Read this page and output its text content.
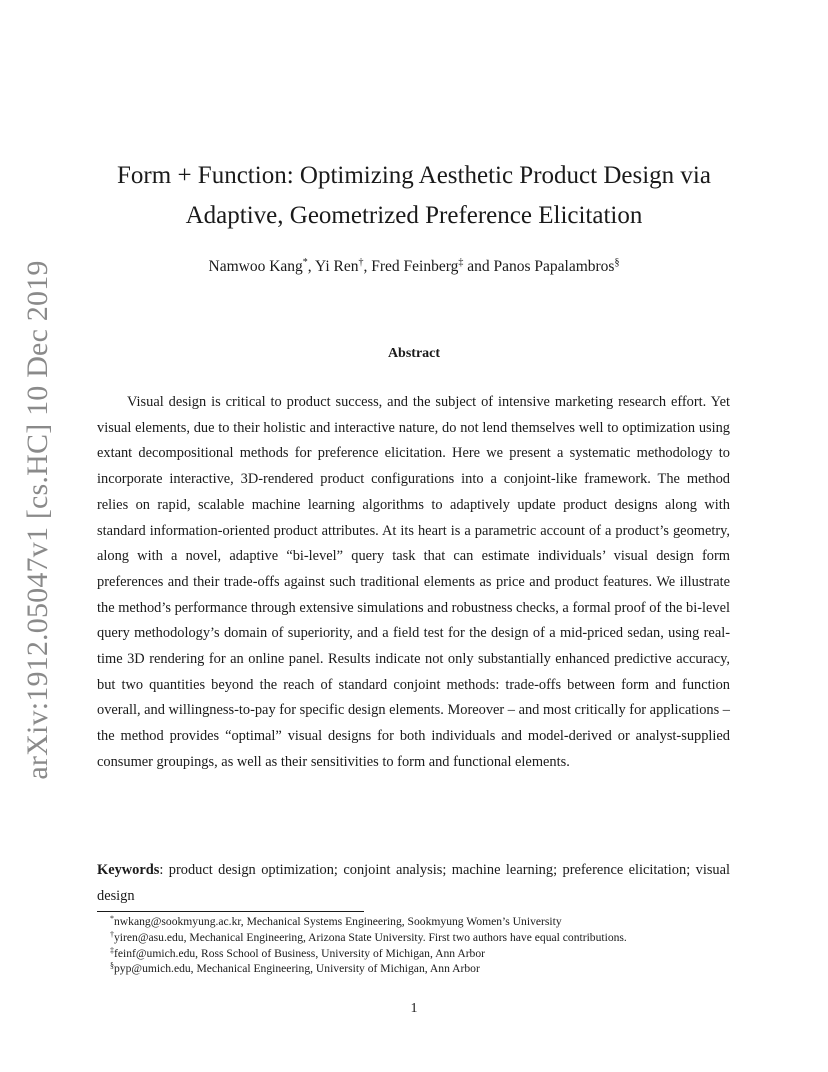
arXiv:1912.05047v1 [cs.HC] 10 Dec 2019
Form + Function: Optimizing Aesthetic Product Design via
Adaptive, Geometrized Preference Elicitation
Namwoo Kang*, Yi Ren†, Fred Feinberg‡ and Panos Papalambros§
Abstract

Visual design is critical to product success, and the subject of intensive marketing research effort. Yet visual elements, due to their holistic and interactive nature, do not lend themselves well to optimization using extant decompositional methods for preference elicitation. Here we present a systematic methodology to incorporate interactive, 3D-rendered product configurations into a conjoint-like framework. The method relies on rapid, scalable machine learning algorithms to adaptively update product designs along with standard information-oriented product attributes. At its heart is a parametric account of a product’s geometry, along with a novel, adaptive “bi-level” query task that can estimate individuals’ visual design form preferences and their trade-offs against such traditional elements as price and product features. We illustrate the method’s performance through extensive simulations and robustness checks, a formal proof of the bi-level query methodology’s domain of superiority, and a field test for the design of a mid-priced sedan, using real-time 3D rendering for an online panel. Results indicate not only substantially enhanced predictive accuracy, but two quantities beyond the reach of standard conjoint methods: trade-offs between form and function overall, and willingness-to-pay for specific design elements. Moreover – and most critically for applications – the method provides “optimal” visual designs for both individuals and model-derived or analyst-supplied consumer groupings, as well as their sensitivities to form and functional elements.

Keywords: product design optimization; conjoint analysis; machine learning; preference elicitation; visual design

*nwkang@sookmyung.ac.kr, Mechanical Systems Engineering, Sookmyung Women’s University
†yiren@asu.edu, Mechanical Engineering, Arizona State University. First two authors have equal contributions.
‡feinf@umich.edu, Ross School of Business, University of Michigan, Ann Arbor
§pyp@umich.edu, Mechanical Engineering, University of Michigan, Ann Arbor
1
